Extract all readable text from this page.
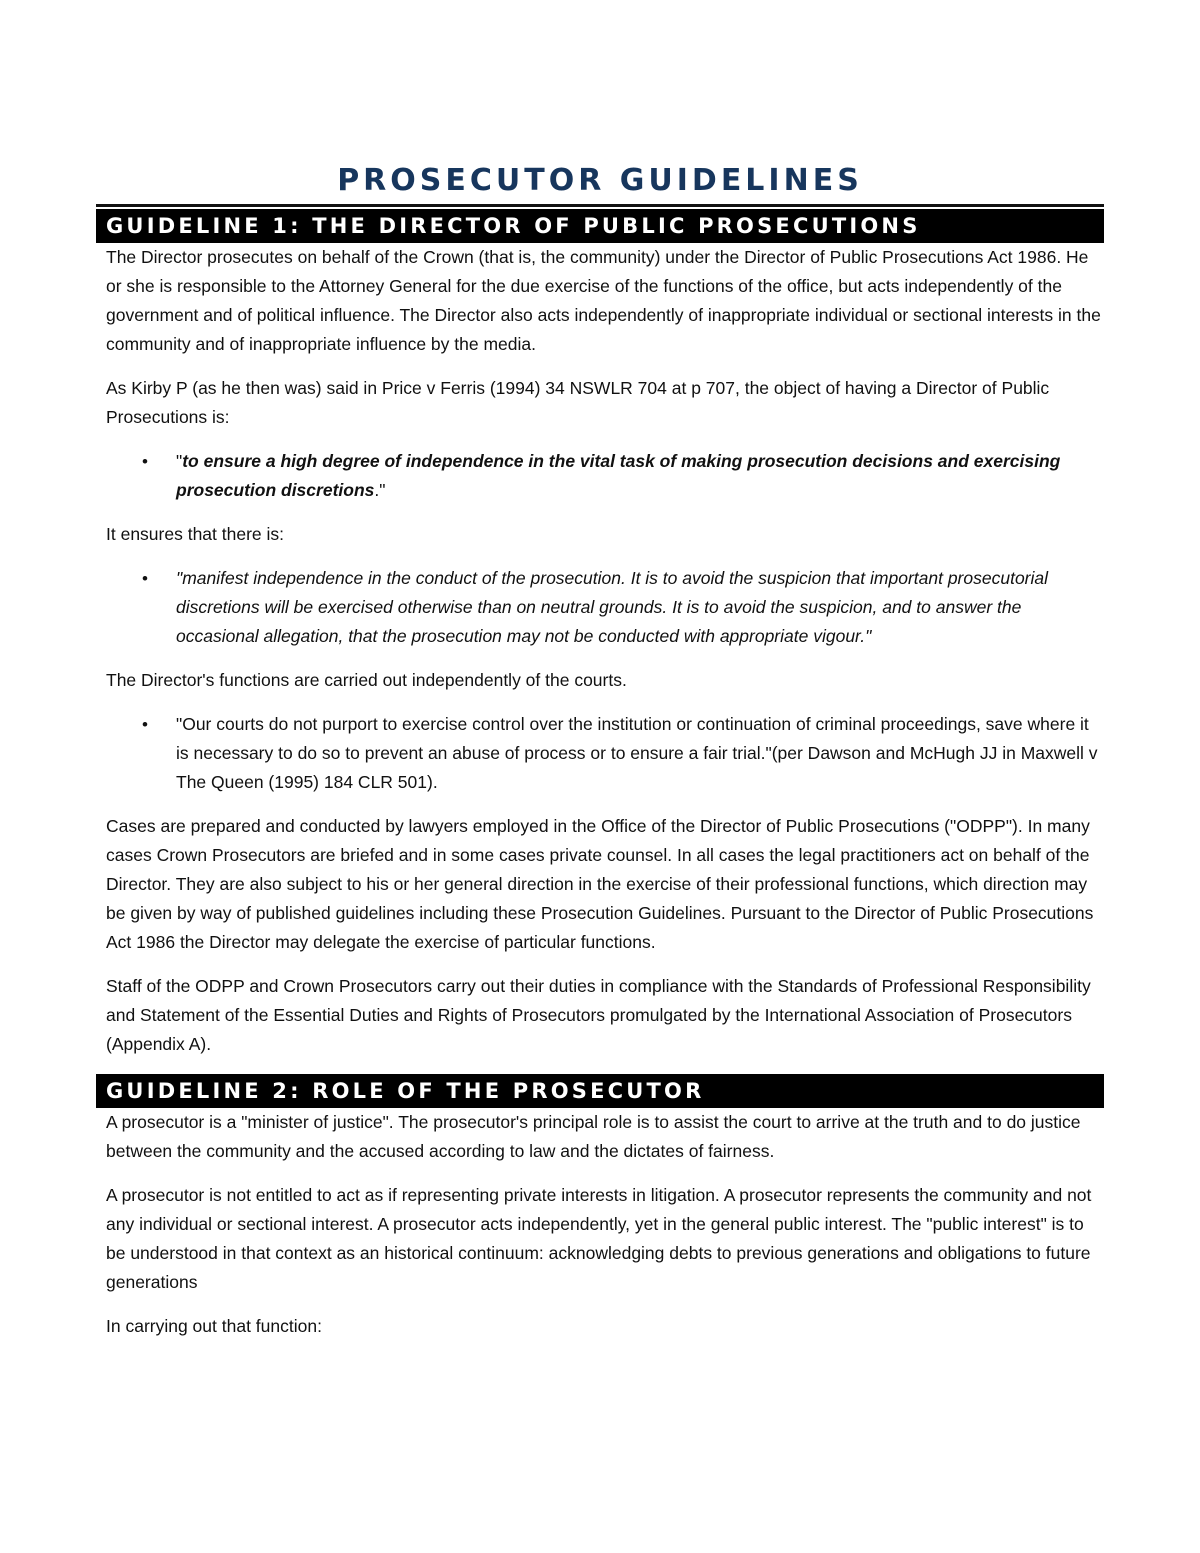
PROSECUTOR GUIDELINES
GUIDELINE 1: THE DIRECTOR OF PUBLIC PROSECUTIONS

The Director prosecutes on behalf of the Crown (that is, the community) under the Director of Public Prosecutions Act 1986. He or she is responsible to the Attorney General for the due exercise of the functions of the office, but acts independently of the government and of political influence. The Director also acts independently of inappropriate individual or sectional interests in the community and of inappropriate influence by the media.

As Kirby P (as he then was) said in Price v Ferris (1994) 34 NSWLR 704 at p 707, the object of having a Director of Public Prosecutions is:

• "to ensure a high degree of independence in the vital task of making prosecution decisions and exercising prosecution discretions."

It ensures that there is:

• "manifest independence in the conduct of the prosecution. It is to avoid the suspicion that important prosecutorial discretions will be exercised otherwise than on neutral grounds. It is to avoid the suspicion, and to answer the occasional allegation, that the prosecution may not be conducted with appropriate vigour."

The Director's functions are carried out independently of the courts.

• "Our courts do not purport to exercise control over the institution or continuation of criminal proceedings, save where it is necessary to do so to prevent an abuse of process or to ensure a fair trial."(per Dawson and McHugh JJ in Maxwell v The Queen (1995) 184 CLR 501).

Cases are prepared and conducted by lawyers employed in the Office of the Director of Public Prosecutions ("ODPP"). In many cases Crown Prosecutors are briefed and in some cases private counsel. In all cases the legal practitioners act on behalf of the Director. They are also subject to his or her general direction in the exercise of their professional functions, which direction may be given by way of published guidelines including these Prosecution Guidelines. Pursuant to the Director of Public Prosecutions Act 1986 the Director may delegate the exercise of particular functions.

Staff of the ODPP and Crown Prosecutors carry out their duties in compliance with the Standards of Professional Responsibility and Statement of the Essential Duties and Rights of Prosecutors promulgated by the International Association of Prosecutors (Appendix A).

GUIDELINE 2: ROLE OF THE PROSECUTOR

A prosecutor is a "minister of justice". The prosecutor's principal role is to assist the court to arrive at the truth and to do justice between the community and the accused according to law and the dictates of fairness.

A prosecutor is not entitled to act as if representing private interests in litigation. A prosecutor represents the community and not any individual or sectional interest. A prosecutor acts independently, yet in the general public interest. The "public interest" is to be understood in that context as an historical continuum: acknowledging debts to previous generations and obligations to future generations

In carrying out that function:
